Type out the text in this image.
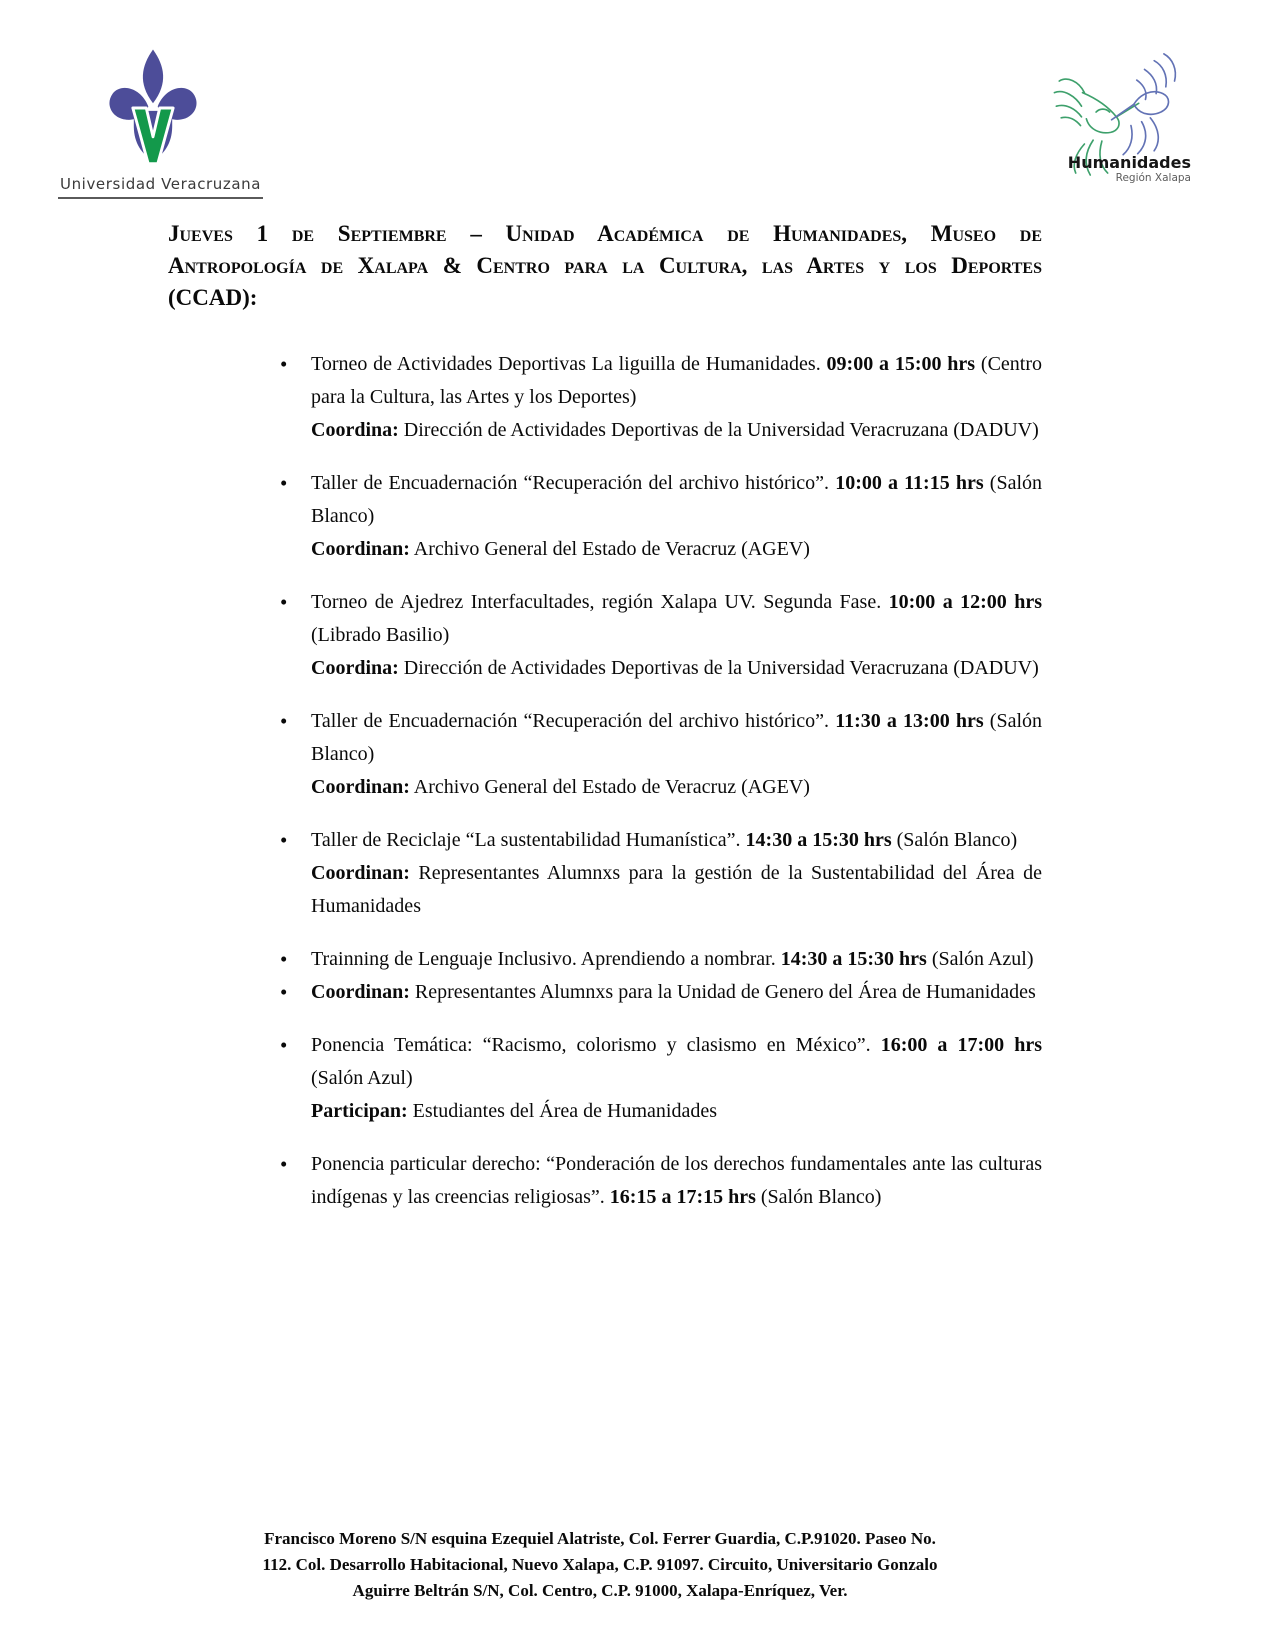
Universidad Veracruzana
Humanidades
Región Xalapa
Jueves 1 de Septiembre – Unidad Académica de Humanidades, Museo de
Antropología de Xalapa & Centro para la Cultura, las Artes y los Deportes
(CCAD):

• Torneo de Actividades Deportivas La liguilla de Humanidades. 09:00 a 15:00 hrs (Centro para la Cultura, las Artes y los Deportes)

Coordina: Dirección de Actividades Deportivas de la Universidad Veracruzana (DADUV)

• Taller de Encuadernación “Recuperación del archivo histórico”. 10:00 a 11:15 hrs (Salón Blanco)

Coordinan: Archivo General del Estado de Veracruz (AGEV)

• Torneo de Ajedrez Interfacultades, región Xalapa UV. Segunda Fase. 10:00 a 12:00 hrs (Librado Basilio)

Coordina: Dirección de Actividades Deportivas de la Universidad Veracruzana (DADUV)

• Taller de Encuadernación “Recuperación del archivo histórico”. 11:30 a 13:00 hrs (Salón Blanco)

Coordinan: Archivo General del Estado de Veracruz (AGEV)

• Taller de Reciclaje “La sustentabilidad Humanística”. 14:30 a 15:30 hrs (Salón Blanco)

Coordinan: Representantes Alumnxs para la gestión de la Sustentabilidad del Área de Humanidades

• Trainning de Lenguaje Inclusivo. Aprendiendo a nombrar. 14:30 a 15:30 hrs (Salón Azul)

• Coordinan: Representantes Alumnxs para la Unidad de Genero del Área de Humanidades

• Ponencia Temática: “Racismo, colorismo y clasismo en México”. 16:00 a 17:00 hrs (Salón Azul)

Participan: Estudiantes del Área de Humanidades

• Ponencia particular derecho: “Ponderación de los derechos fundamentales ante las culturas indígenas y las creencias religiosas”. 16:15 a 17:15 hrs (Salón Blanco)

Francisco Moreno S/N esquina Ezequiel Alatriste, Col. Ferrer Guardia, C.P.91020. Paseo No.
112. Col. Desarrollo Habitacional, Nuevo Xalapa, C.P. 91097. Circuito, Universitario Gonzalo
Aguirre Beltrán S/N, Col. Centro, C.P. 91000, Xalapa-Enríquez, Ver.
